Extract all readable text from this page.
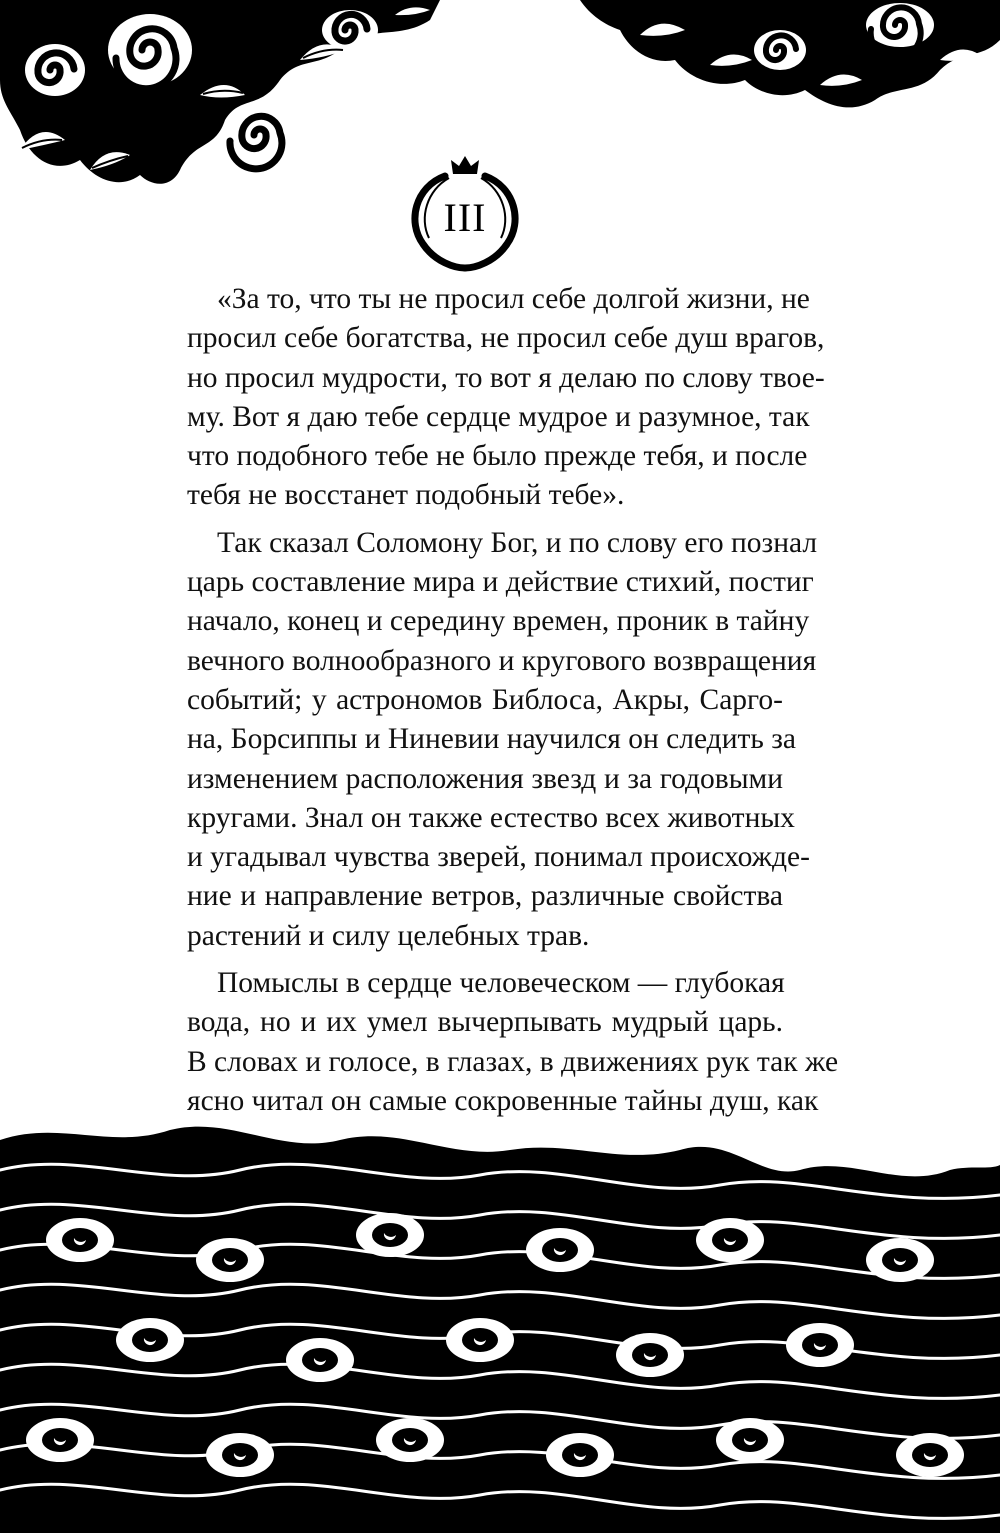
III
«За то, что ты не просил себе долгой жизни, не
просил себе богатства, не просил себе душ врагов,
но просил мудрости, то вот я делаю по слову твое-
му. Вот я даю тебе сердце мудрое и разумное, так
что подобного тебе не было прежде тебя, и после
тебя не восстанет подобный тебе».
Так сказал Соломону Бог, и по слову его познал
царь составление мира и действие стихий, постиг
начало, конец и середину времен, проник в тайну
вечного волнообразного и кругового возвращения
событий; у астрономов Библоса, Акры, Сарго-
на, Борсиппы и Ниневии научился он следить за
изменением расположения звезд и за годовыми
кругами. Знал он также естество всех животных
и угадывал чувства зверей, понимал происхожде-
ние и направление ветров, различные свойства
растений и силу целебных трав.
Помыслы в сердце человеческом — глубокая
вода, но и их умел вычерпывать мудрый царь.
В словах и голосе, в глазах, в движениях рук так же
ясно читал он самые сокровенные тайны душ, как
